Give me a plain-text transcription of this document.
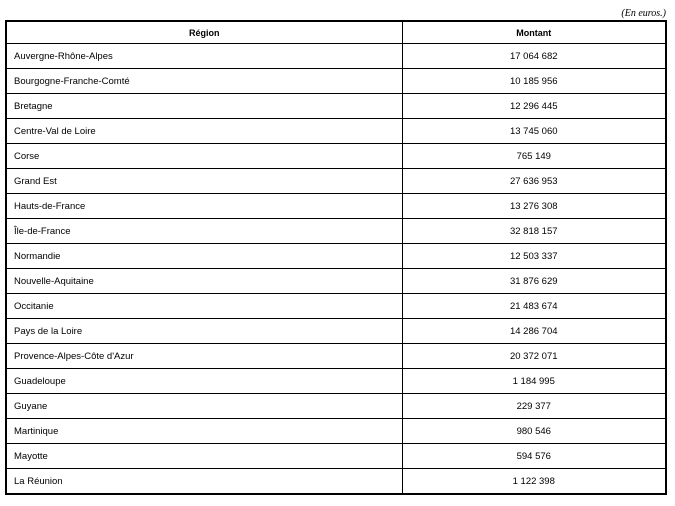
(En euros.)
Région	Montant
Auvergne-Rhône-Alpes	17 064 682
Bourgogne-Franche-Comté	10 185 956
Bretagne	12 296 445
Centre-Val de Loire	13 745 060
Corse	765 149
Grand Est	27 636 953
Hauts-de-France	13 276 308
Île-de-France	32 818 157
Normandie	12 503 337
Nouvelle-Aquitaine	31 876 629
Occitanie	21 483 674
Pays de la Loire	14 286 704
Provence-Alpes-Côte d'Azur	20 372 071
Guadeloupe	1 184 995
Guyane	229 377
Martinique	980 546
Mayotte	594 576
La Réunion	1 122 398
